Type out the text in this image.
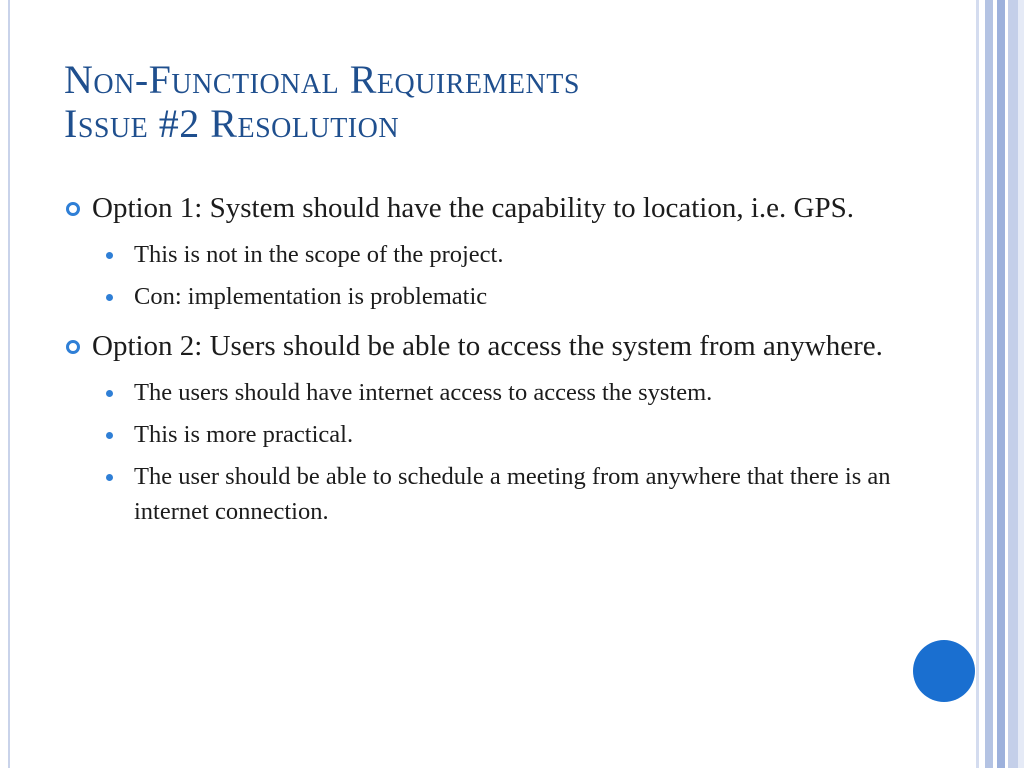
Non-Functional Requirements
Issue #2 Resolution
Option 1: System should have the capability to location, i.e. GPS.
This is not in the scope of the project.
Con: implementation is problematic
Option 2: Users should be able to access the system from anywhere.
The users should have internet access to access the system.
This is more practical.
The user should be able to schedule a meeting from anywhere that there is an internet connection.
